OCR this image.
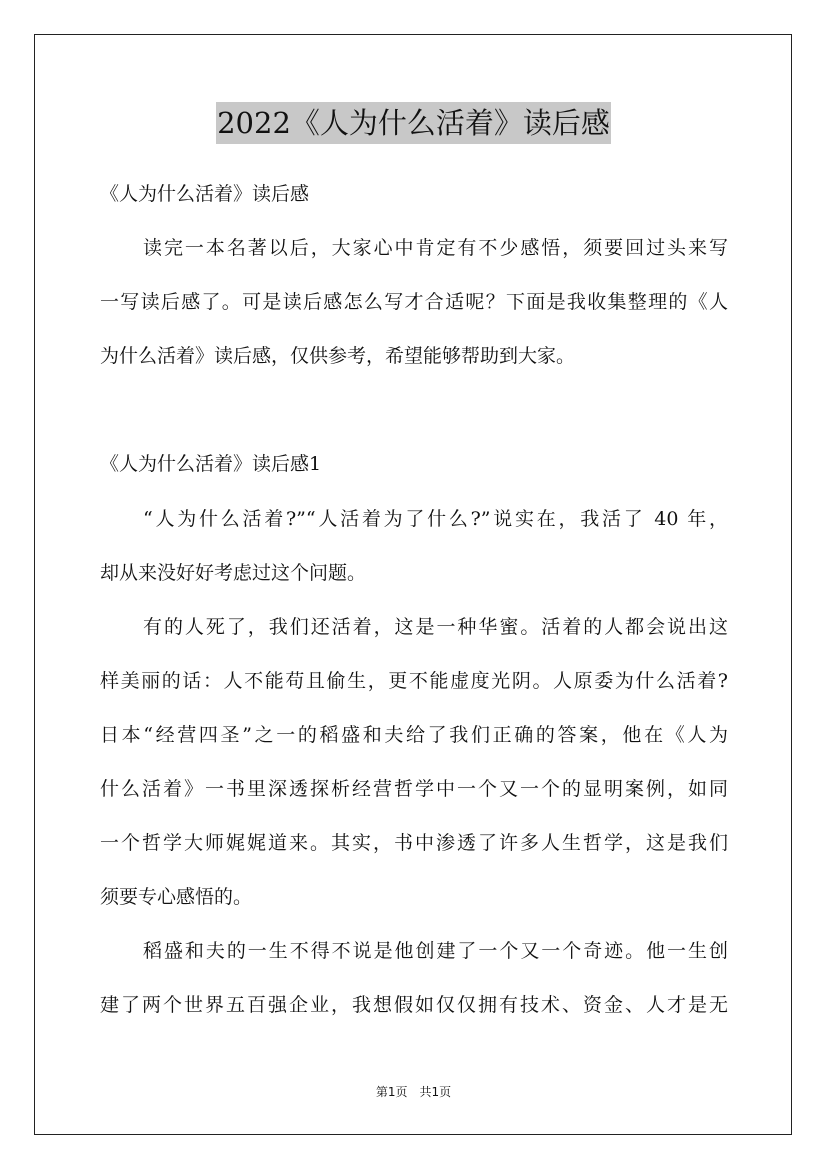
2022《人为什么活着》读后感
《人为什么活着》读后感
读完一本名著以后，大家心中肯定有不少感悟，须要回过头来写
一写读后感了。可是读后感怎么写才合适呢？下面是我收集整理的《人
为什么活着》读后感，仅供参考，希望能够帮助到大家。
《人为什么活着》读后感1
“人为什么活着?”“人活着为了什么?”说实在，我活了 40 年，
却从来没好好考虑过这个问题。
有的人死了，我们还活着，这是一种华蜜。活着的人都会说出这
样美丽的话：人不能苟且偷生，更不能虚度光阴。人原委为什么活着?
日本“经营四圣”之一的稻盛和夫给了我们正确的答案，他在《人为
什么活着》一书里深透探析经营哲学中一个又一个的显明案例，如同
一个哲学大师娓娓道来。其实，书中渗透了许多人生哲学，这是我们
须要专心感悟的。
稻盛和夫的一生不得不说是他创建了一个又一个奇迹。他一生创
建了两个世界五百强企业，我想假如仅仅拥有技术、资金、人才是无
第1页　共1页
